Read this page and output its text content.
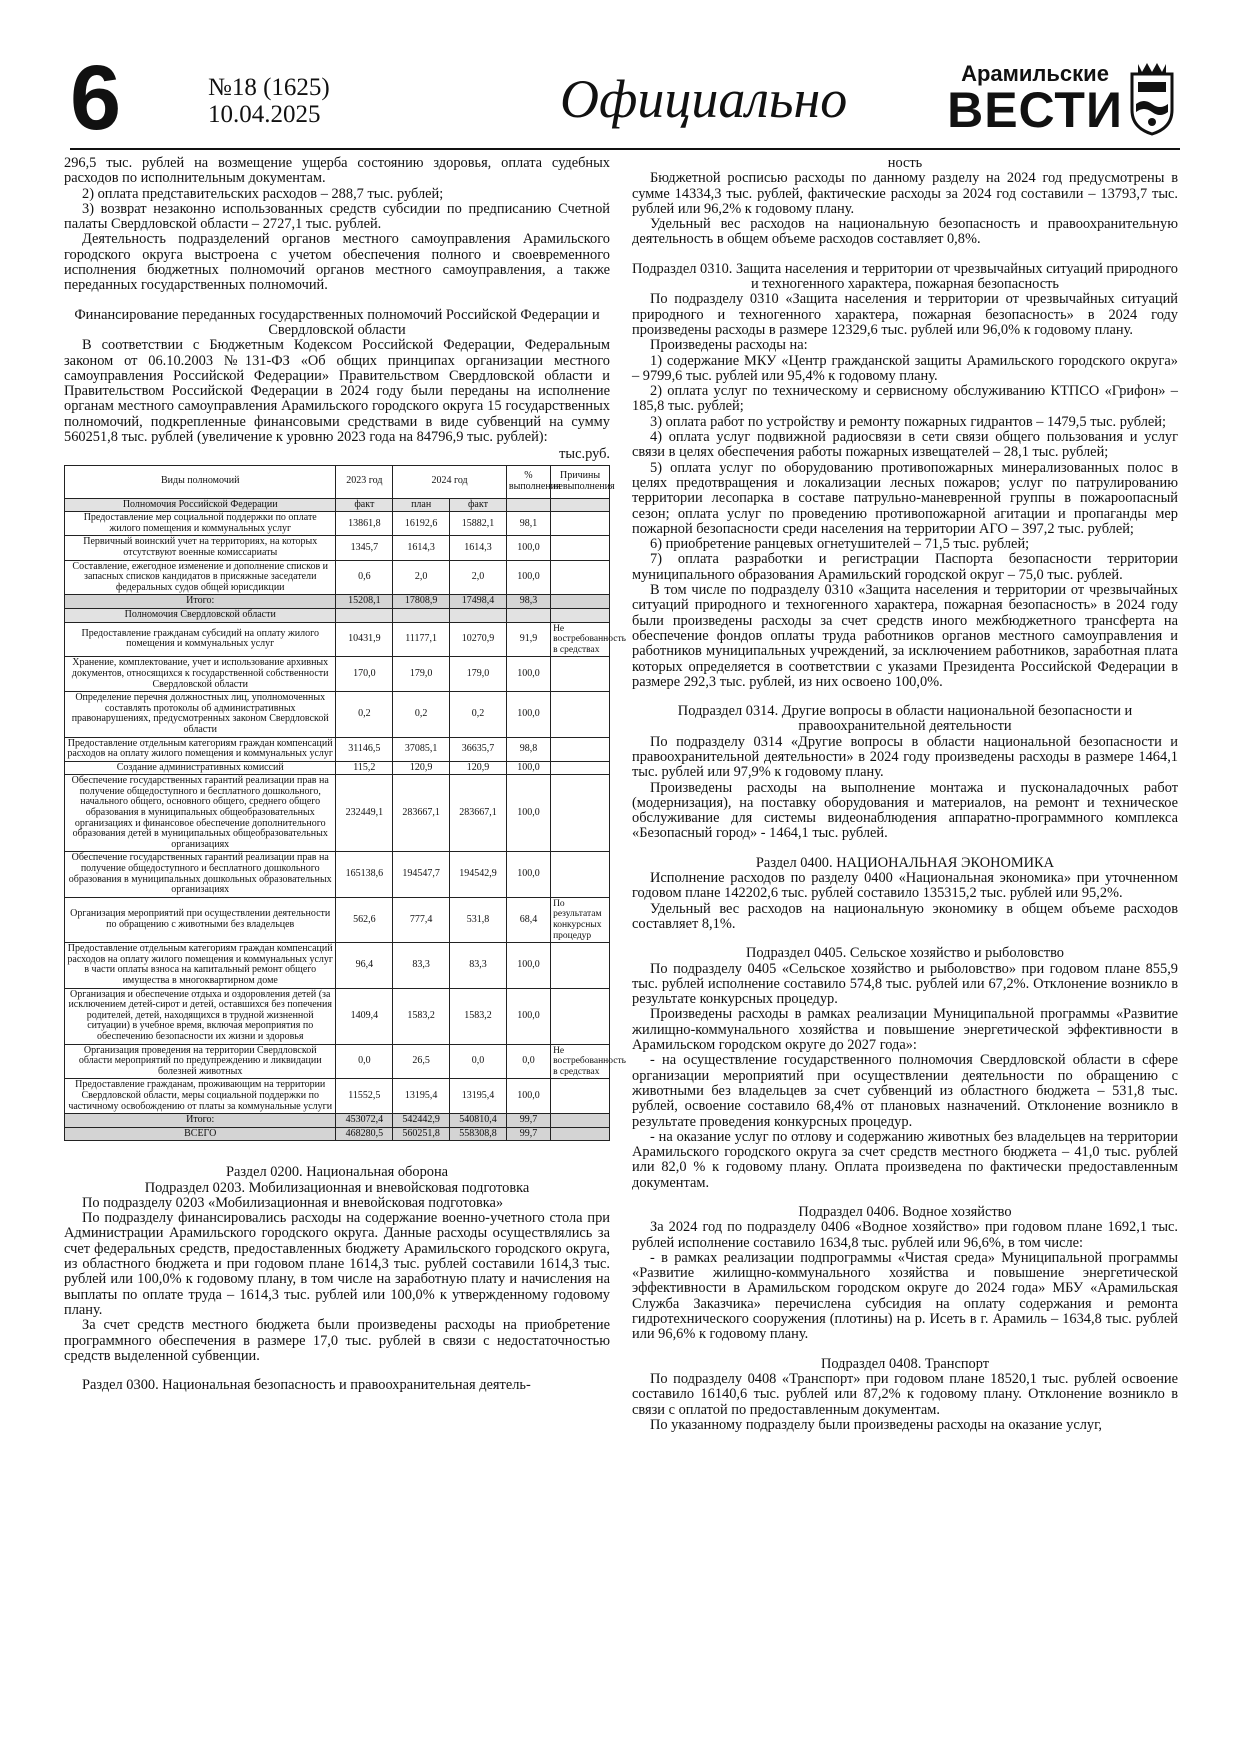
6	№18 (1625)
10.04.2025	Официально	Арамильские
ВЕСТИ

296,5 тыс. рублей на возмещение ущерба состоянию здоровья, оплата судебных расходов по исполнительным документам.

2) оплата представительских расходов – 288,7 тыс. рублей;

3) возврат незаконно использованных средств субсидии по предписанию Счетной палаты Свердловской области – 2727,1 тыс. рублей.

Деятельность подразделений органов местного самоуправления Арамильского городского округа выстроена с учетом обеспечения полного и своевременного исполнения бюджетных полномочий органов местного самоуправления, а также переданных государственных полномочий.

Финансирование переданных государственных полномочий Российской Федерации и Свердловской области

В соответствии с Бюджетным Кодексом Российской Федерации, Федеральным законом от 06.10.2003 №131-ФЗ «Об общих принципах организации местного самоуправления Российской Федерации» Правительством Свердловской области и Правительством Российской Федерации в 2024 году были переданы на исполнение органам местного самоуправления Арамильского городского округа 15 государственных полномочий, подкрепленные финансовыми средствами в виде субвенций на сумму 560251,8 тыс. рублей (увеличение к уровню 2023 года на 84796,9 тыс. рублей):

тыс.руб.
Виды полномочий	2023 год	2024 год		% выполнения	Причины невыполнения
Полномочия Российской Федерации	факт	план	факт		
Предоставление мер социальной поддержки по оплате жилого помещения и коммунальных услуг	13861,8	16192,6	15882,1	98,1	
Первичный воинский учет на территориях, на которых отсутствуют военные комиссариаты	1345,7	1614,3	1614,3	100,0	
Составление, ежегодное изменение и дополнение списков и запасных списков кандидатов в присяжные заседатели федеральных судов общей юрисдикции	0,6	2,0	2,0	100,0	
Итого:	15208,1	17808,9	17498,4	98,3	
Полномочия Свердловской области					
Предоставление гражданам субсидий на оплату жилого помещения и коммунальных услуг	10431,9	11177,1	10270,9	91,9	Не востребованность в средствах
Хранение, комплектование, учет и использование архивных документов, относящихся к государственной собственности Свердловской области	170,0	179,0	179,0	100,0	
Определение перечня должностных лиц, уполномоченных составлять протоколы об административных правонарушениях, предусмотренных законом Свердловской области	0,2	0,2	0,2	100,0	
Предоставление отдельным категориям граждан компенсаций расходов на оплату жилого помещения и коммунальных услуг	31146,5	37085,1	36635,7	98,8	
Создание административных комиссий	115,2	120,9	120,9	100,0	
Обеспечение государственных гарантий реализации прав на получение общедоступного и бесплатного дошкольного, начального общего, основного общего, среднего общего образования в муниципальных общеобразовательных организациях и финансовое обеспечение дополнительного образования детей в муниципальных общеобразовательных организациях	232449,1	283667,1	283667,1	100,0	
Обеспечение государственных гарантий реализации прав на получение общедоступного и бесплатного дошкольного образования в муниципальных дошкольных образовательных организациях	165138,6	194547,7	194542,9	100,0	
Организация мероприятий при осуществлении деятельности по обращению с животными без владельцев	562,6	777,4	531,8	68,4	По результатам конкурсных процедур
Предоставление отдельным категориям граждан компенсаций расходов на оплату жилого помещения и коммунальных услуг в части оплаты взноса на капитальный ремонт общего имущества в многоквартирном доме	96,4	83,3	83,3	100,0	
Организация и обеспечение отдыха и оздоровления детей (за исключением детей-сирот и детей, оставшихся без попечения родителей, детей, находящихся в трудной жизненной ситуации) в учебное время, включая мероприятия по обеспечению безопасности их жизни и здоровья	1409,4	1583,2	1583,2	100,0	
Организация проведения на территории Свердловской области мероприятий по предупреждению и ликвидации болезней животных	0,0	26,5	0,0	0,0	Не востребованность в средствах
Предоставление гражданам, проживающим на территории Свердловской области, меры социальной поддержки по частичному освобождению от платы за коммунальные услуги	11552,5	13195,4	13195,4	100,0	
Итого:	453072,4	542442,9	540810,4	99,7	
ВСЕГО	468280,5	560251,8	558308,8	99,7	

Раздел 0200. Национальная оборона

Подраздел 0203. Мобилизационная и вневойсковая подготовка

По подразделу 0203 «Мобилизационная и вневойсковая подготовка»

По подразделу финансировались расходы на содержание военно-учетного стола при Администрации Арамильского городского округа. Данные расходы осуществлялись за счет федеральных средств, предоставленных бюджету Арамильского городского округа, из областного бюджета и при годовом плане 1614,3 тыс. рублей составили 1614,3 тыс. рублей или 100,0% к годовому плану, в том числе на заработную плату и начисления на выплаты по оплате труда – 1614,3 тыс. рублей или 100,0% к утвержденному годовому плану.

За счет средств местного бюджета были произведены расходы на приобретение программного обеспечения в размере 17,0 тыс. рублей в связи с недостаточностью средств выделенной субвенции.

Раздел 0300. Национальная безопасность и правоохранительная деятель-

ность

Бюджетной росписью расходы по данному разделу на 2024 год предусмотрены в сумме 14334,3 тыс. рублей, фактические расходы за 2024 год составили – 13793,7 тыс. рублей или 96,2% к годовому плану.

Удельный вес расходов на национальную безопасность и правоохранительную деятельность в общем объеме расходов составляет 0,8%.

Подраздел 0310. Защита населения и территории от чрезвычайных ситуаций природного и техногенного характера, пожарная безопасность

По подразделу 0310 «Защита населения и территории от чрезвычайных ситуаций природного и техногенного характера, пожарная безопасность» в 2024 году произведены расходы в размере 12329,6 тыс. рублей или 96,0% к годовому плану.

Произведены расходы на:

1) содержание МКУ «Центр гражданской защиты Арамильского городского округа» – 9799,6 тыс. рублей или 95,4% к годовому плану.

2) оплата услуг по техническому и сервисному обслуживанию КТПСО «Грифон» – 185,8 тыс. рублей;

3) оплата работ по устройству и ремонту пожарных гидрантов – 1479,5 тыс. рублей;

4) оплата услуг подвижной радиосвязи в сети связи общего пользования и услуг связи в целях обеспечения работы пожарных извещателей – 28,1 тыс. рублей;

5) оплата услуг по оборудованию противопожарных минерализованных полос в целях предотвращения и локализации лесных пожаров; услуг по патрулированию территории лесопарка в составе патрульно-маневренной группы в пожароопасный сезон; оплата услуг по проведению противопожарной агитации и пропаганды мер пожарной безопасности среди населения на территории АГО – 397,2 тыс. рублей;

6) приобретение ранцевых огнетушителей – 71,5 тыс. рублей;

7) оплата разработки и регистрации Паспорта безопасности территории муниципального образования Арамильский городской округ – 75,0 тыс. рублей.

В том числе по подразделу 0310 «Защита населения и территории от чрезвычайных ситуаций природного и техногенного характера, пожарная безопасность» в 2024 году были произведены расходы за счет средств иного межбюджетного трансферта на обеспечение фондов оплаты труда работников органов местного самоуправления и работников муниципальных учреждений, за исключением работников, заработная плата которых определяется в соответствии с указами Президента Российской Федерации в размере 292,3 тыс. рублей, из них освоено 100,0%.

Подраздел 0314. Другие вопросы в области национальной безопасности и правоохранительной деятельности

По подразделу 0314 «Другие вопросы в области национальной безопасности и правоохранительной деятельности» в 2024 году произведены расходы в размере 1464,1 тыс. рублей или 97,9% к годовому плану.

Произведены расходы на выполнение монтажа и пусконаладочных работ (модернизация), на поставку оборудования и материалов, на ремонт и техническое обслуживание для системы видеонаблюдения аппаратно-программного комплекса «Безопасный город» - 1464,1 тыс. рублей.

Раздел 0400. НАЦИОНАЛЬНАЯ ЭКОНОМИКА

Исполнение расходов по разделу 0400 «Национальная экономика» при уточненном годовом плане 142202,6 тыс. рублей составило 135315,2 тыс. рублей или 95,2%.

Удельный вес расходов на национальную экономику в общем объеме расходов составляет 8,1%.

Подраздел 0405. Сельское хозяйство и рыболовство

По подразделу 0405 «Сельское хозяйство и рыболовство» при годовом плане 855,9 тыс. рублей исполнение составило 574,8 тыс. рублей или 67,2%. Отклонение возникло в результате конкурсных процедур.

Произведены расходы в рамках реализации Муниципальной программы «Развитие жилищно-коммунального хозяйства и повышение энергетической эффективности в Арамильском городском округе до 2027 года»:

- на осуществление государственного полномочия Свердловской области в сфере организации мероприятий при осуществлении деятельности по обращению с животными без владельцев за счет субвенций из областного бюджета – 531,8 тыс. рублей, освоение составило 68,4% от плановых назначений. Отклонение возникло в результате проведения конкурсных процедур.

- на оказание услуг по отлову и содержанию животных без владельцев на территории Арамильского городского округа за счет средств местного бюджета – 41,0 тыс. рублей или 82,0 % к годовому плану. Оплата произведена по фактически предоставленным документам.

Подраздел 0406. Водное хозяйство

За 2024 год по подразделу 0406 «Водное хозяйство» при годовом плане 1692,1 тыс. рублей исполнение составило 1634,8 тыс. рублей или 96,6%, в том числе:

- в рамках реализации подпрограммы «Чистая среда» Муниципальной программы «Развитие жилищно-коммунального хозяйства и повышение энергетической эффективности в Арамильском городском округе до 2024 года» МБУ «Арамильская Служба Заказчика» перечислена субсидия на оплату содержания и ремонта гидротехнического сооружения (плотины) на р. Исеть в г. Арамиль – 1634,8 тыс. рублей или 96,6% к годовому плану.

Подраздел 0408. Транспорт

По подразделу 0408 «Транспорт» при годовом плане 18520,1 тыс. рублей освоение составило 16140,6 тыс. рублей или 87,2% к годовому плану. Отклонение возникло в связи с оплатой по предоставленным документам.

По указанному подразделу были произведены расходы на оказание услуг,
